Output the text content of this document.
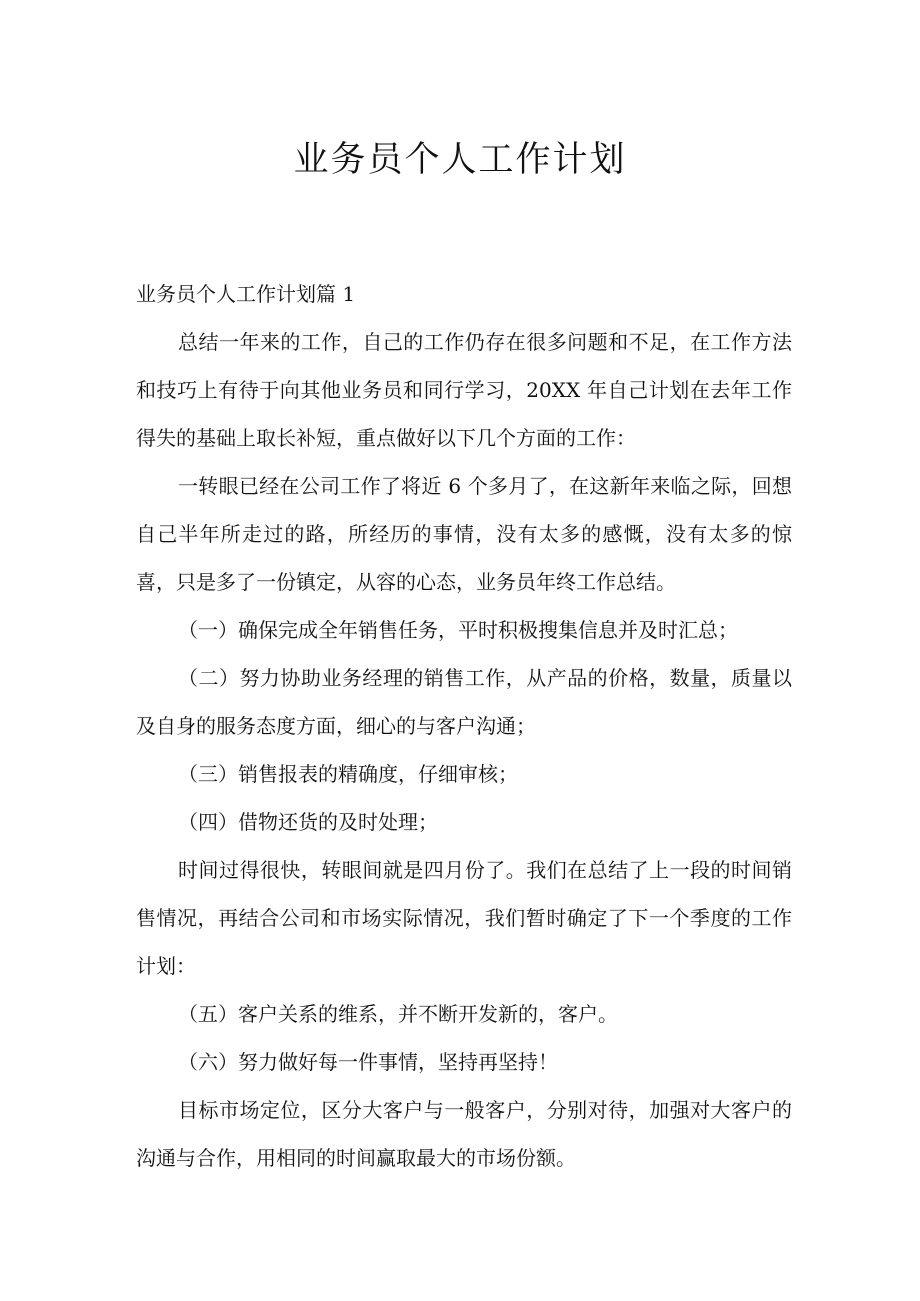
业务员个人工作计划

业务员个人工作计划篇 1

总结一年来的工作，自己的工作仍存在很多问题和不足，在工作方法和技巧上有待于向其他业务员和同行学习，20XX 年自己计划在去年工作得失的基础上取长补短，重点做好以下几个方面的工作：

一转眼已经在公司工作了将近 6 个多月了，在这新年来临之际，回想自己半年所走过的路，所经历的事情，没有太多的感慨，没有太多的惊喜，只是多了一份镇定，从容的心态，业务员年终工作总结。

（一）确保完成全年销售任务，平时积极搜集信息并及时汇总；

（二）努力协助业务经理的销售工作，从产品的价格，数量，质量以及自身的服务态度方面，细心的与客户沟通；

（三）销售报表的精确度，仔细审核；

（四）借物还货的及时处理；

时间过得很快，转眼间就是四月份了。我们在总结了上一段的时间销售情况，再结合公司和市场实际情况，我们暂时确定了下一个季度的工作计划：

（五）客户关系的维系，并不断开发新的，客户。

（六）努力做好每一件事情，坚持再坚持！

目标市场定位，区分大客户与一般客户，分别对待，加强对大客户的沟通与合作，用相同的时间赢取最大的市场份额。
